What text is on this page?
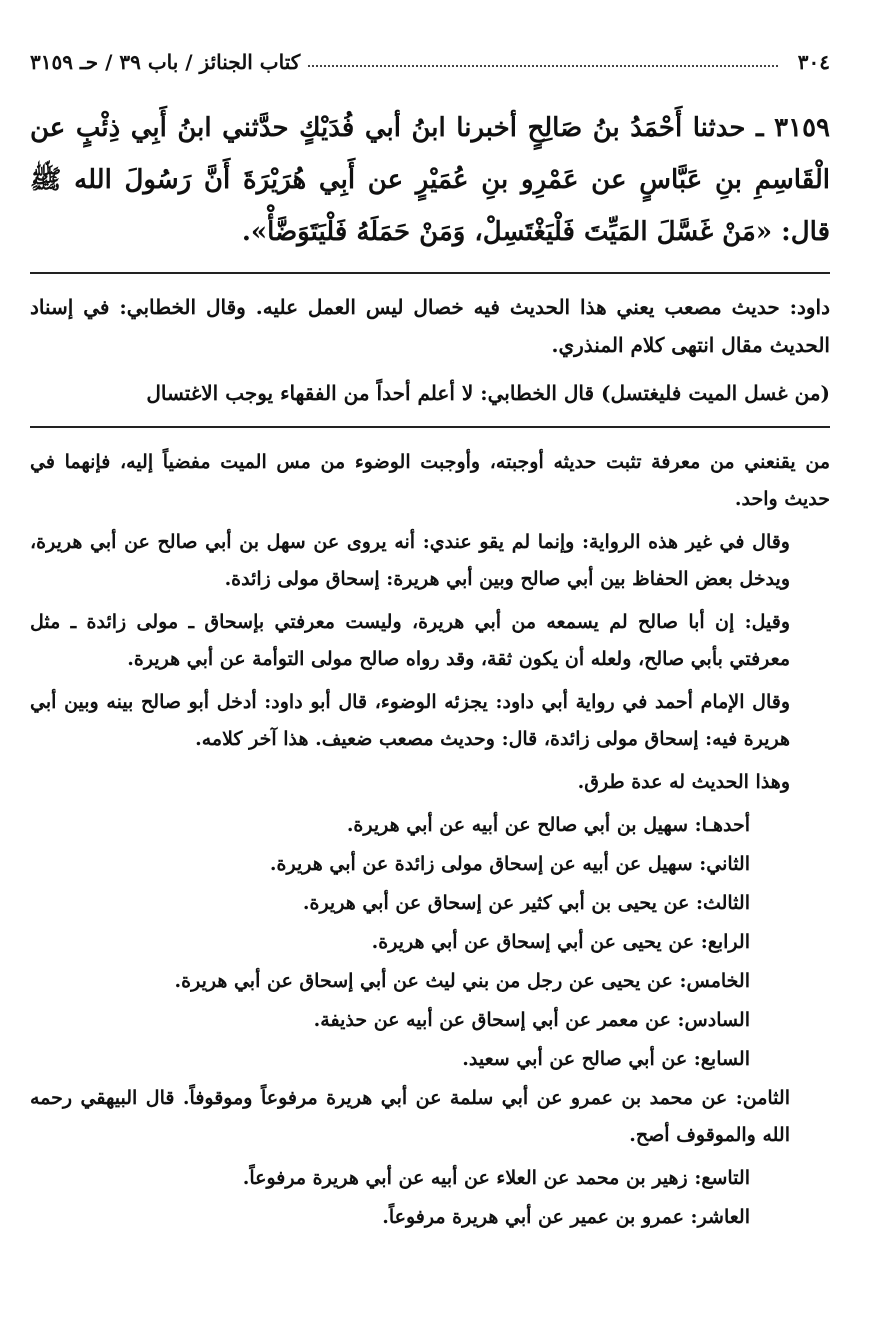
٣٠٤
كتاب الجنائز / باب ٣٩ / حـ ٣١٥٩
٣١٥٩ ـ حدثنا أَحْمَدُ بنُ صَالِحٍ أخبرنا ابنُ أبي فُدَيْكٍ حدَّثني ابنُ أَبِي ذِئْبٍ عن الْقَاسِمِ بنِ عَبَّاسٍ عن عَمْرِو بنِ عُمَيْرٍ عن أَبِي هُرَيْرَةَ أَنَّ رَسُولَ الله ﷺ قال: «مَنْ غَسَّلَ المَيِّتَ فَلْيَغْتَسِلْ، وَمَنْ حَمَلَهُ فَلْيَتَوَضَّأْ».

داود: حديث مصعب يعني هذا الحديث فيه خصال ليس العمل عليه. وقال الخطابي: في إسناد الحديث مقال انتهى كلام المنذري.

(من غسل الميت فليغتسل) قال الخطابي: لا أعلم أحداً من الفقهاء يوجب الاغتسال

من يقنعني من معرفة تثبت حديثه أوجبته، وأوجبت الوضوء من مس الميت مفضياً إليه، فإنهما في حديث واحد.

وقال في غير هذه الرواية: وإنما لم يقو عندي: أنه يروى عن سهل بن أبي صالح عن أبي هريرة، ويدخل بعض الحفاظ بين أبي صالح وبين أبي هريرة: إسحاق مولى زائدة.

وقيل: إن أبا صالح لم يسمعه من أبي هريرة، وليست معرفتي بإسحاق ـ مولى زائدة ـ مثل معرفتي بأبي صالح، ولعله أن يكون ثقة، وقد رواه صالح مولى التوأمة عن أبي هريرة.

وقال الإمام أحمد في رواية أبي داود: يجزئه الوضوء، قال أبو داود: أدخل أبو صالح بينه وبين أبي هريرة فيه: إسحاق مولى زائدة، قال: وحديث مصعب ضعيف. هذا آخر كلامه.

وهذا الحديث له عدة طرق.

أحدهـا: سهيل بن أبي صالح عن أبيه عن أبي هريرة.

الثاني: سهيل عن أبيه عن إسحاق مولى زائدة عن أبي هريرة.

الثالث: عن يحيى بن أبي كثير عن إسحاق عن أبي هريرة.

الرابع: عن يحيى عن أبي إسحاق عن أبي هريرة.

الخامس: عن يحيى عن رجل من بني ليث عن أبي إسحاق عن أبي هريرة.

السادس: عن معمر عن أبي إسحاق عن أبيه عن حذيفة.

السابع: عن أبي صالح عن أبي سعيد.

الثامن: عن محمد بن عمرو عن أبي سلمة عن أبي هريرة مرفوعاً وموقوفاً. قال البيهقي رحمه الله والموقوف أصح.

التاسع: زهير بن محمد عن العلاء عن أبيه عن أبي هريرة مرفوعاً.

العاشر: عمرو بن عمير عن أبي هريرة مرفوعاً.
